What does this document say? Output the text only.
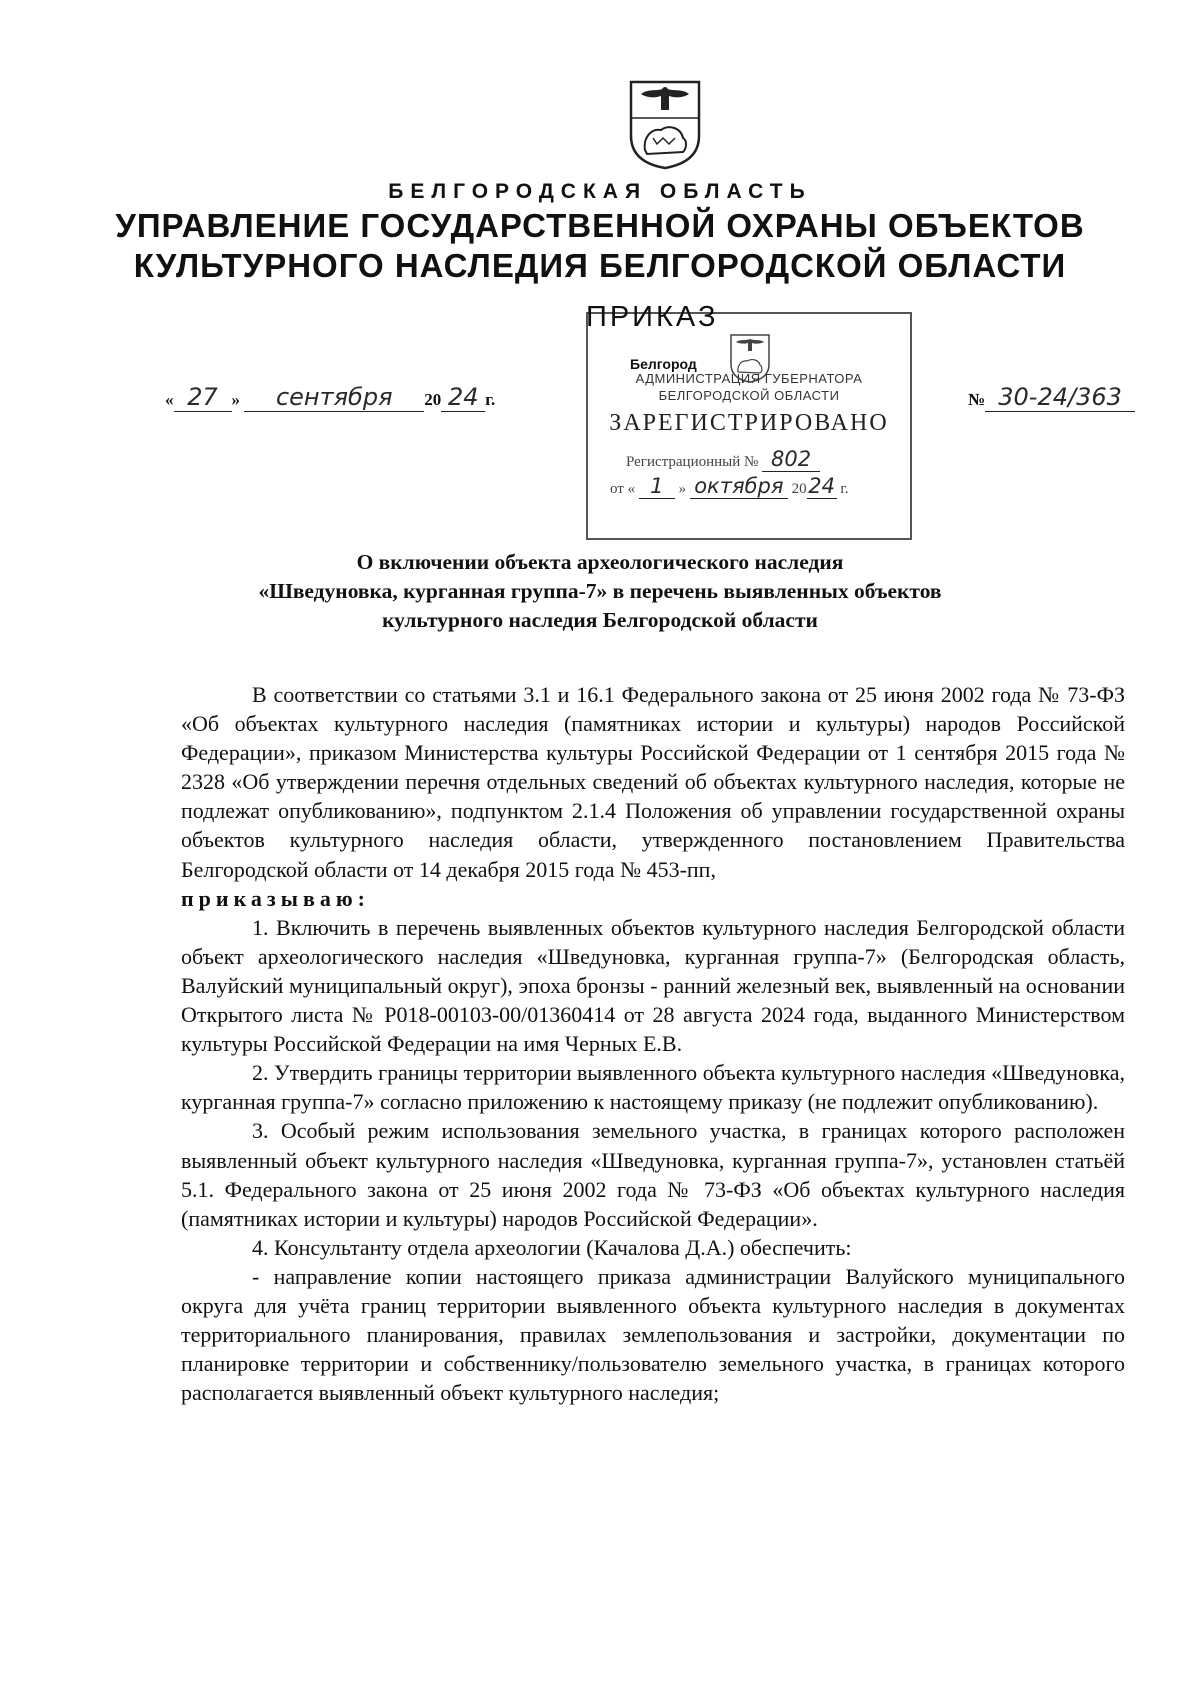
БЕЛГОРОДСКАЯ ОБЛАСТЬ
УПРАВЛЕНИЕ ГОСУДАРСТВЕННОЙ ОХРАНЫ ОБЪЕКТОВ
КУЛЬТУРНОГО НАСЛЕДИЯ БЕЛГОРОДСКОЙ ОБЛАСТИ
Белгород
АДМИНИСТРАЦИЯ ГУБЕРНАТОРА
БЕЛГОРОДСКОЙ ОБЛАСТИ
ЗАРЕГИСТРИРОВАНО
Регистрационный № 802
от « 1 » октября 2024 г.
ПРИКАЗ
« 27 » сентября 20 24 г.	№ 30-24/363
О включении объекта археологического наследия
«Шведуновка, курганная группа-7» в перечень выявленных объектов
культурного наследия Белгородской области

В соответствии со статьями 3.1 и 16.1 Федерального закона от 25 июня 2002 года № 73-ФЗ «Об объектах культурного наследия (памятниках истории и культуры) народов Российской Федерации», приказом Министерства культуры Российской Федерации от 1 сентября 2015 года № 2328 «Об утверждении перечня отдельных сведений об объектах культурного наследия, которые не подлежат опубликованию», подпунктом 2.1.4 Положения об управлении государственной охраны объектов культурного наследия области, утвержденного постановлением Правительства Белгородской области от 14 декабря 2015 года № 453-пп,
приказываю:

1. Включить в перечень выявленных объектов культурного наследия Белгородской области объект археологического наследия «Шведуновка, курганная группа-7» (Белгородская область, Валуйский муниципальный округ), эпоха бронзы - ранний железный век, выявленный на основании Открытого листа № P018-00103-00/01360414 от 28 августа 2024 года, выданного Министерством культуры Российской Федерации на имя Черных Е.В.

2. Утвердить границы территории выявленного объекта культурного наследия «Шведуновка, курганная группа-7» согласно приложению к настоящему приказу (не подлежит опубликованию).

3. Особый режим использования земельного участка, в границах которого расположен выявленный объект культурного наследия «Шведуновка, курганная группа-7», установлен статьёй 5.1. Федерального закона от 25 июня 2002 года № 73-ФЗ «Об объектах культурного наследия (памятниках истории и культуры) народов Российской Федерации».

4. Консультанту отдела археологии (Качалова Д.А.) обеспечить:

- направление копии настоящего приказа администрации Валуйского муниципального округа для учёта границ территории выявленного объекта культурного наследия в документах территориального планирования, правилах землепользования и застройки, документации по планировке территории и собственнику/пользователю земельного участка, в границах которого располагается выявленный объект культурного наследия;
